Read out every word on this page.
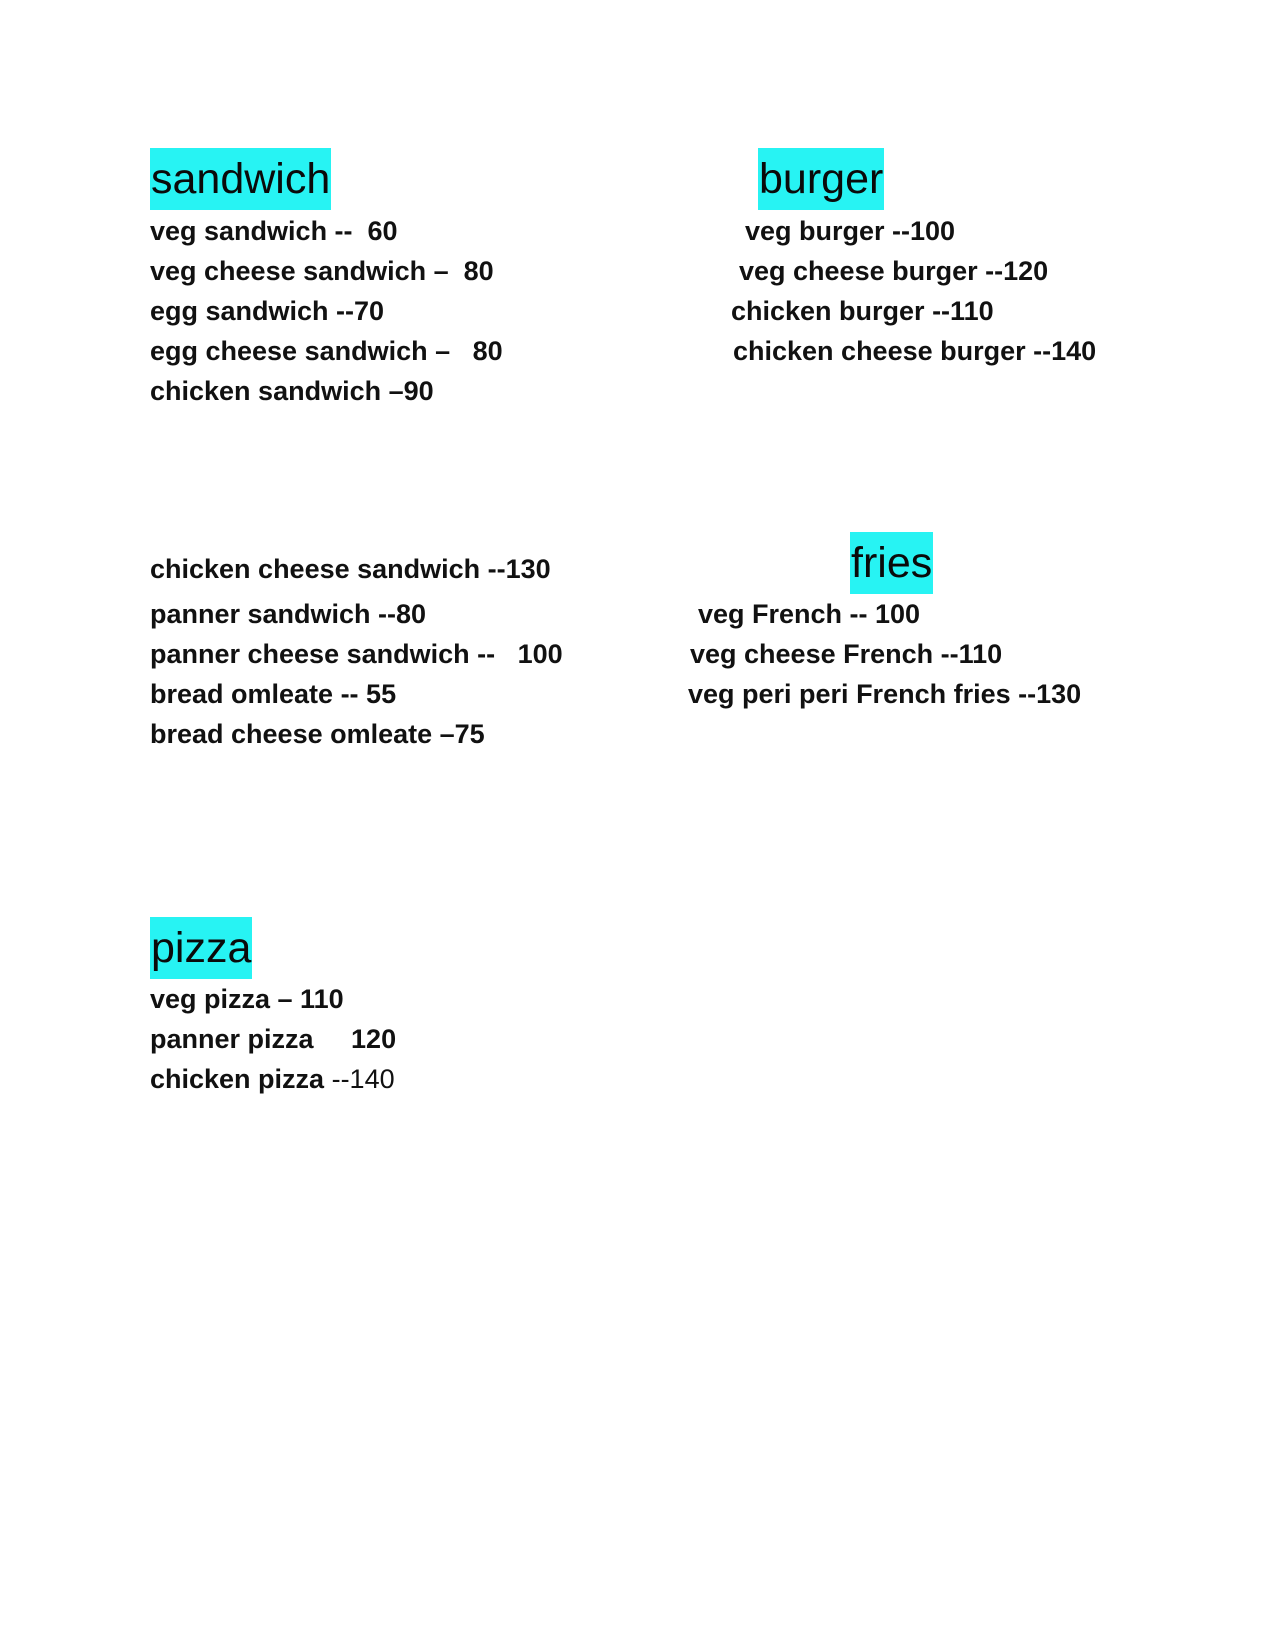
sandwich
veg sandwich --  60
veg cheese sandwich –  80
egg sandwich --70
egg cheese sandwich –   80
chicken sandwich –90
burger
veg burger --100
veg cheese burger --120
chicken burger --110
chicken cheese burger --140
chicken cheese sandwich --130
panner sandwich --80
panner cheese sandwich --   100
bread omleate -- 55
bread cheese omleate –75
fries
veg French -- 100
veg cheese French --110
veg peri peri French fries --130
pizza
veg pizza – 110
panner pizza     120
chicken pizza --140
